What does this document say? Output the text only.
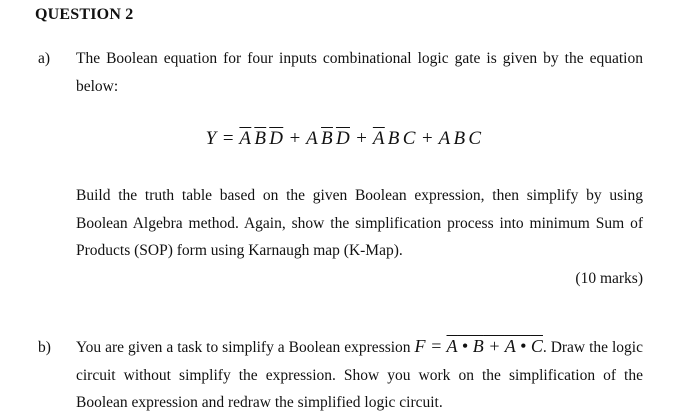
QUESTION 2
a) The Boolean equation for four inputs combinational logic gate is given by the equation below:
$Y = \overline{A}$ $\overline{B}$ $\overline{D} + A$ $\overline{B}$ $\overline{D} + \overline{A}$ B C + A B C
Build the truth table based on the given Boolean expression, then simplify by using Boolean Algebra method. Again, show the simplification process into minimum Sum of Products (SOP) form using Karnaugh map (K-Map).
(10 marks)
b) You are given a task to simplify a Boolean expression F = A • B + A • C. Draw the logic circuit without simplify the expression. Show you work on the simplification of the Boolean expression and redraw the simplified logic circuit.
